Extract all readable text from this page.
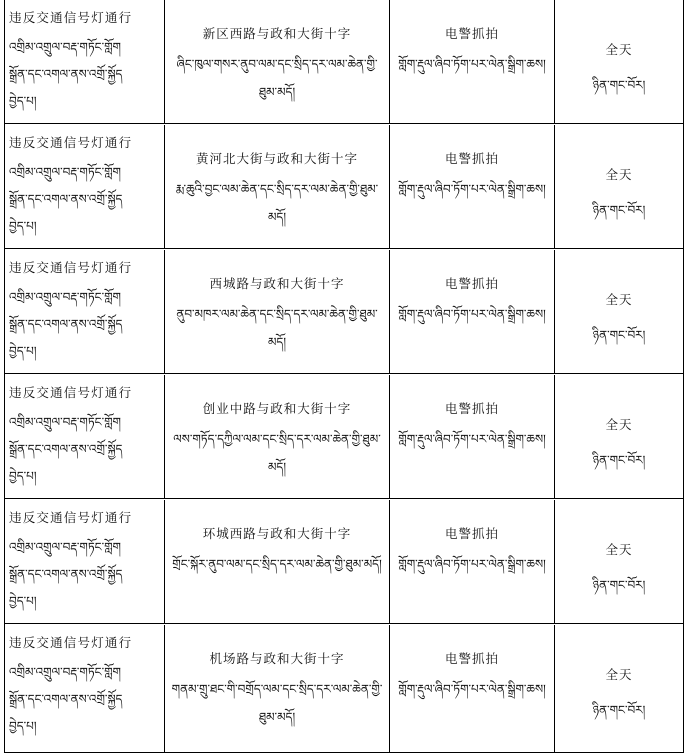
违反交通信号灯通行
འགྲིམ་འགྲུལ་བརྡ་གཏོང་གློག
སྒྲོན་དང་འགལ་ནས་འགྲོ་སྐྱོད
བྱེད་པ།
新区西路与政和大街十字
ཞིང་ཁུལ་གསར་ནུབ་ལམ་དང་སྲིད་དར་ལམ་ཆེན་གྱི་ཐུམ་མདོ།
电警抓拍
གློག་རྡུལ་ཞིབ་ཏོག་པར་ལེན་སྒྲིག་ཆས།
全天
ཉིན་གང་བོར།
违反交通信号灯通行
འགྲིམ་འགྲུལ་བརྡ་གཏོང་གློག
སྒྲོན་དང་འགལ་ནས་འགྲོ་སྐྱོད
བྱེད་པ།
黄河北大街与政和大街十字
རྨ་ཆུའི་བྱང་ལམ་ཆེན་དང་སྲིད་དར་ལམ་ཆེན་གྱི་ཐུམ་མདོ།
电警抓拍
གློག་རྡུལ་ཞིབ་ཏོག་པར་ལེན་སྒྲིག་ཆས།
全天
ཉིན་གང་བོར།
违反交通信号灯通行
འགྲིམ་འགྲུལ་བརྡ་གཏོང་གློག
སྒྲོན་དང་འགལ་ནས་འགྲོ་སྐྱོད
བྱེད་པ།
西城路与政和大街十字
ནུབ་མཁར་ལམ་ཆེན་དང་སྲིད་དར་ལམ་ཆེན་གྱི་ཐུམ་མདོ།
电警抓拍
གློག་རྡུལ་ཞིབ་ཏོག་པར་ལེན་སྒྲིག་ཆས།
全天
ཉིན་གང་བོར།
违反交通信号灯通行
འགྲིམ་འགྲུལ་བརྡ་གཏོང་གློག
སྒྲོན་དང་འགལ་ནས་འགྲོ་སྐྱོད
བྱེད་པ།
创业中路与政和大街十字
ལས་གཏོད་དཀྱིལ་ལམ་དང་སྲིད་དར་ལམ་ཆེན་གྱི་ཐུམ་མདོ།
电警抓拍
གློག་རྡུལ་ཞིབ་ཏོག་པར་ལེན་སྒྲིག་ཆས།
全天
ཉིན་གང་བོར།
违反交通信号灯通行
འགྲིམ་འགྲུལ་བརྡ་གཏོང་གློག
སྒྲོན་དང་འགལ་ནས་འགྲོ་སྐྱོད
བྱེད་པ།
环城西路与政和大街十字
གྲོང་སྐོར་ནུབ་ལམ་དང་སྲིད་དར་ལམ་ཆེན་གྱི་ཐུམ་མདོ།
电警抓拍
གློག་རྡུལ་ཞིབ་ཏོག་པར་ལེན་སྒྲིག་ཆས།
全天
ཉིན་གང་བོར།
违反交通信号灯通行
འགྲིམ་འགྲུལ་བརྡ་གཏོང་གློག
སྒྲོན་དང་འགལ་ནས་འགྲོ་སྐྱོད
བྱེད་པ།
机场路与政和大街十字
གནམ་གྲུ་ཐང་གི་བགྲོད་ལམ་དང་སྲིད་དར་ལམ་ཆེན་གྱི་ཐུམ་མདོ།
电警抓拍
གློག་རྡུལ་ཞིབ་ཏོག་པར་ལེན་སྒྲིག་ཆས།
全天
ཉིན་གང་བོར།
